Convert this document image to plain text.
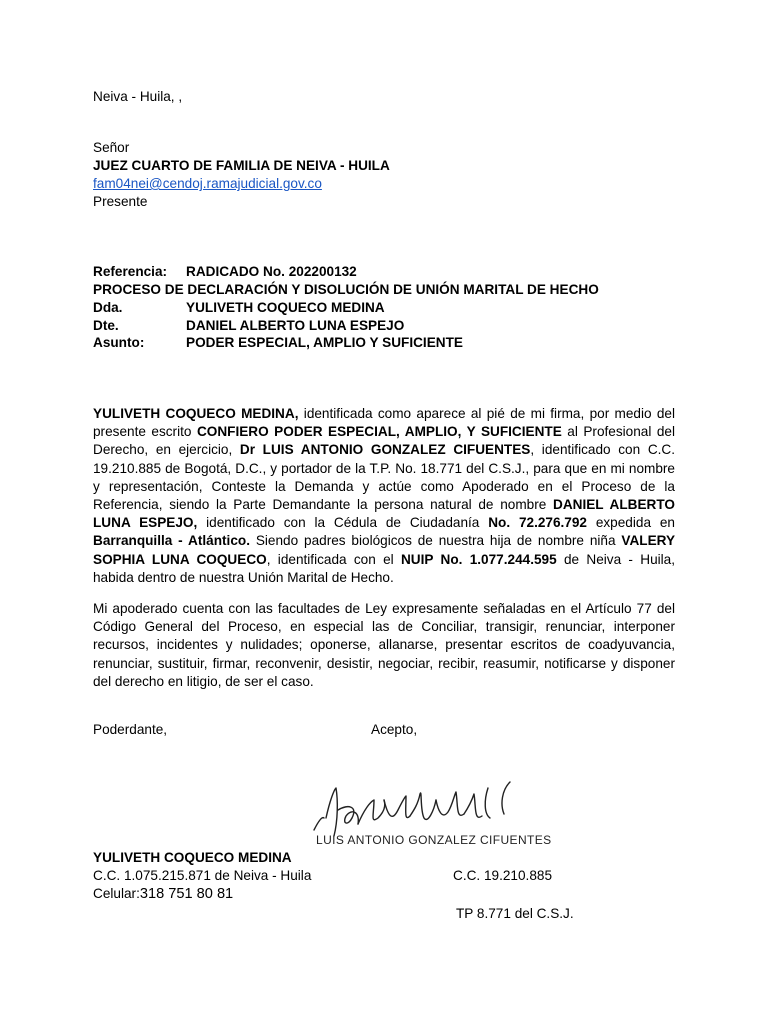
Neiva - Huila, ,
Señor
JUEZ CUARTO DE FAMILIA DE NEIVA - HUILA
fam04nei@cendoj.ramajudicial.gov.co
Presente
Referencia: RADICADO No. 202200132
PROCESO DE DECLARACIÓN Y DISOLUCIÓN DE UNIÓN MARITAL DE HECHO
Dda.	YULIVETH COQUECO MEDINA
Dte.	DANIEL ALBERTO LUNA ESPEJO
Asunto:	PODER ESPECIAL, AMPLIO Y SUFICIENTE
YULIVETH COQUECO MEDINA, identificada como aparece al pié de mi firma, por medio del presente escrito CONFIERO PODER ESPECIAL, AMPLIO, Y SUFICIENTE al Profesional del Derecho, en ejercicio, Dr LUIS ANTONIO GONZALEZ CIFUENTES, identificado con C.C. 19.210.885 de Bogotá, D.C., y portador de la T.P. No. 18.771 del C.S.J., para que en mi nombre y representación, Conteste la Demanda y actúe como Apoderado en el Proceso de la Referencia, siendo la Parte Demandante la persona natural de nombre DANIEL ALBERTO LUNA ESPEJO, identificado con la Cédula de Ciudadanía No. 72.276.792 expedida en Barranquilla - Atlántico. Siendo padres biológicos de nuestra hija de nombre niña VALERY SOPHIA LUNA COQUECO, identificada con el NUIP No. 1.077.244.595 de Neiva - Huila, habida dentro de nuestra Unión Marital de Hecho.
Mi apoderado cuenta con las facultades de Ley expresamente señaladas en el Artículo 77 del Código General del Proceso, en especial las de Conciliar, transigir, renunciar, interponer recursos, incidentes y nulidades; oponerse, allanarse, presentar escritos de coadyuvancia, renunciar, sustituir, firmar, reconvenir, desistir, negociar, recibir, reasumir, notificarse y disponer del derecho en litigio, de ser el caso.
Poderdante,	Acepto,
LUIS ANTONIO GONZALEZ CIFUENTES
YULIVETH COQUECO MEDINA
C.C. 1.075.215.871 de Neiva - Huila
Celular:318 751 80 81
C.C. 19.210.885
TP 8.771 del C.S.J.
